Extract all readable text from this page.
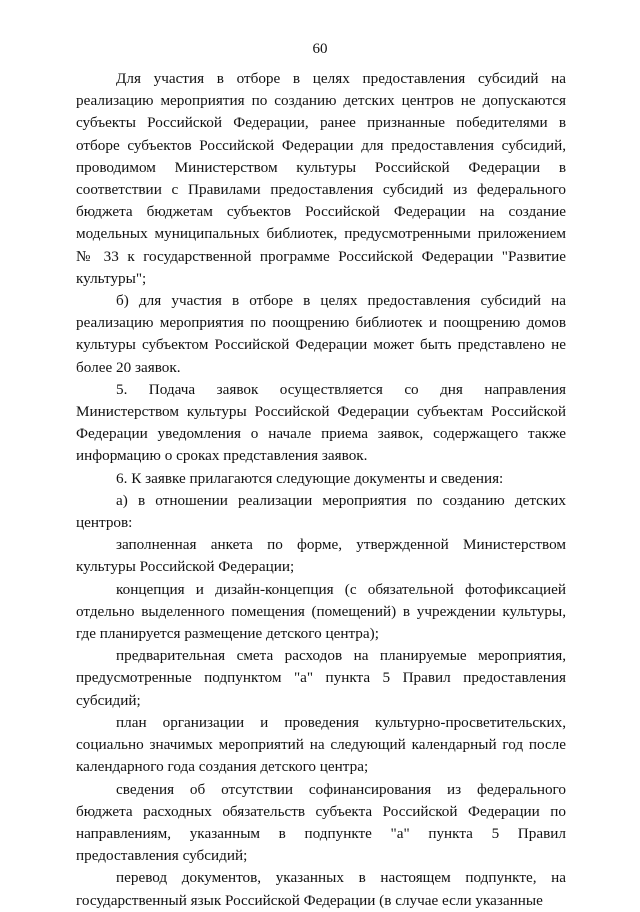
60

Для участия в отборе в целях предоставления субсидий на реализацию мероприятия по созданию детских центров не допускаются субъекты Российской Федерации, ранее признанные победителями в отборе субъектов Российской Федерации для предоставления субсидий, проводимом Министерством культуры Российской Федерации в соответствии с Правилами предоставления субсидий из федерального бюджета бюджетам субъектов Российской Федерации на создание модельных муниципальных библиотек, предусмотренными приложением № 33 к государственной программе Российской Федерации "Развитие культуры";

б) для участия в отборе в целях предоставления субсидий на реализацию мероприятия по поощрению библиотек и поощрению домов культуры субъектом Российской Федерации может быть представлено не более 20 заявок.

5. Подача заявок осуществляется со дня направления Министерством культуры Российской Федерации субъектам Российской Федерации уведомления о начале приема заявок, содержащего также информацию о сроках представления заявок.

6. К заявке прилагаются следующие документы и сведения:

а) в отношении реализации мероприятия по созданию детских центров:

заполненная анкета по форме, утвержденной Министерством культуры Российской Федерации;

концепция и дизайн-концепция (с обязательной фотофиксацией отдельно выделенного помещения (помещений) в учреждении культуры, где планируется размещение детского центра);

предварительная смета расходов на планируемые мероприятия, предусмотренные подпунктом "а" пункта 5 Правил предоставления субсидий;

план организации и проведения культурно-просветительских, социально значимых мероприятий на следующий календарный год после календарного года создания детского центра;

сведения об отсутствии софинансирования из федерального бюджета расходных обязательств субъекта Российской Федерации по направлениям, указанным в подпункте "а" пункта 5 Правил предоставления субсидий;

перевод документов, указанных в настоящем подпункте, на государственный язык Российской Федерации (в случае если указанные
